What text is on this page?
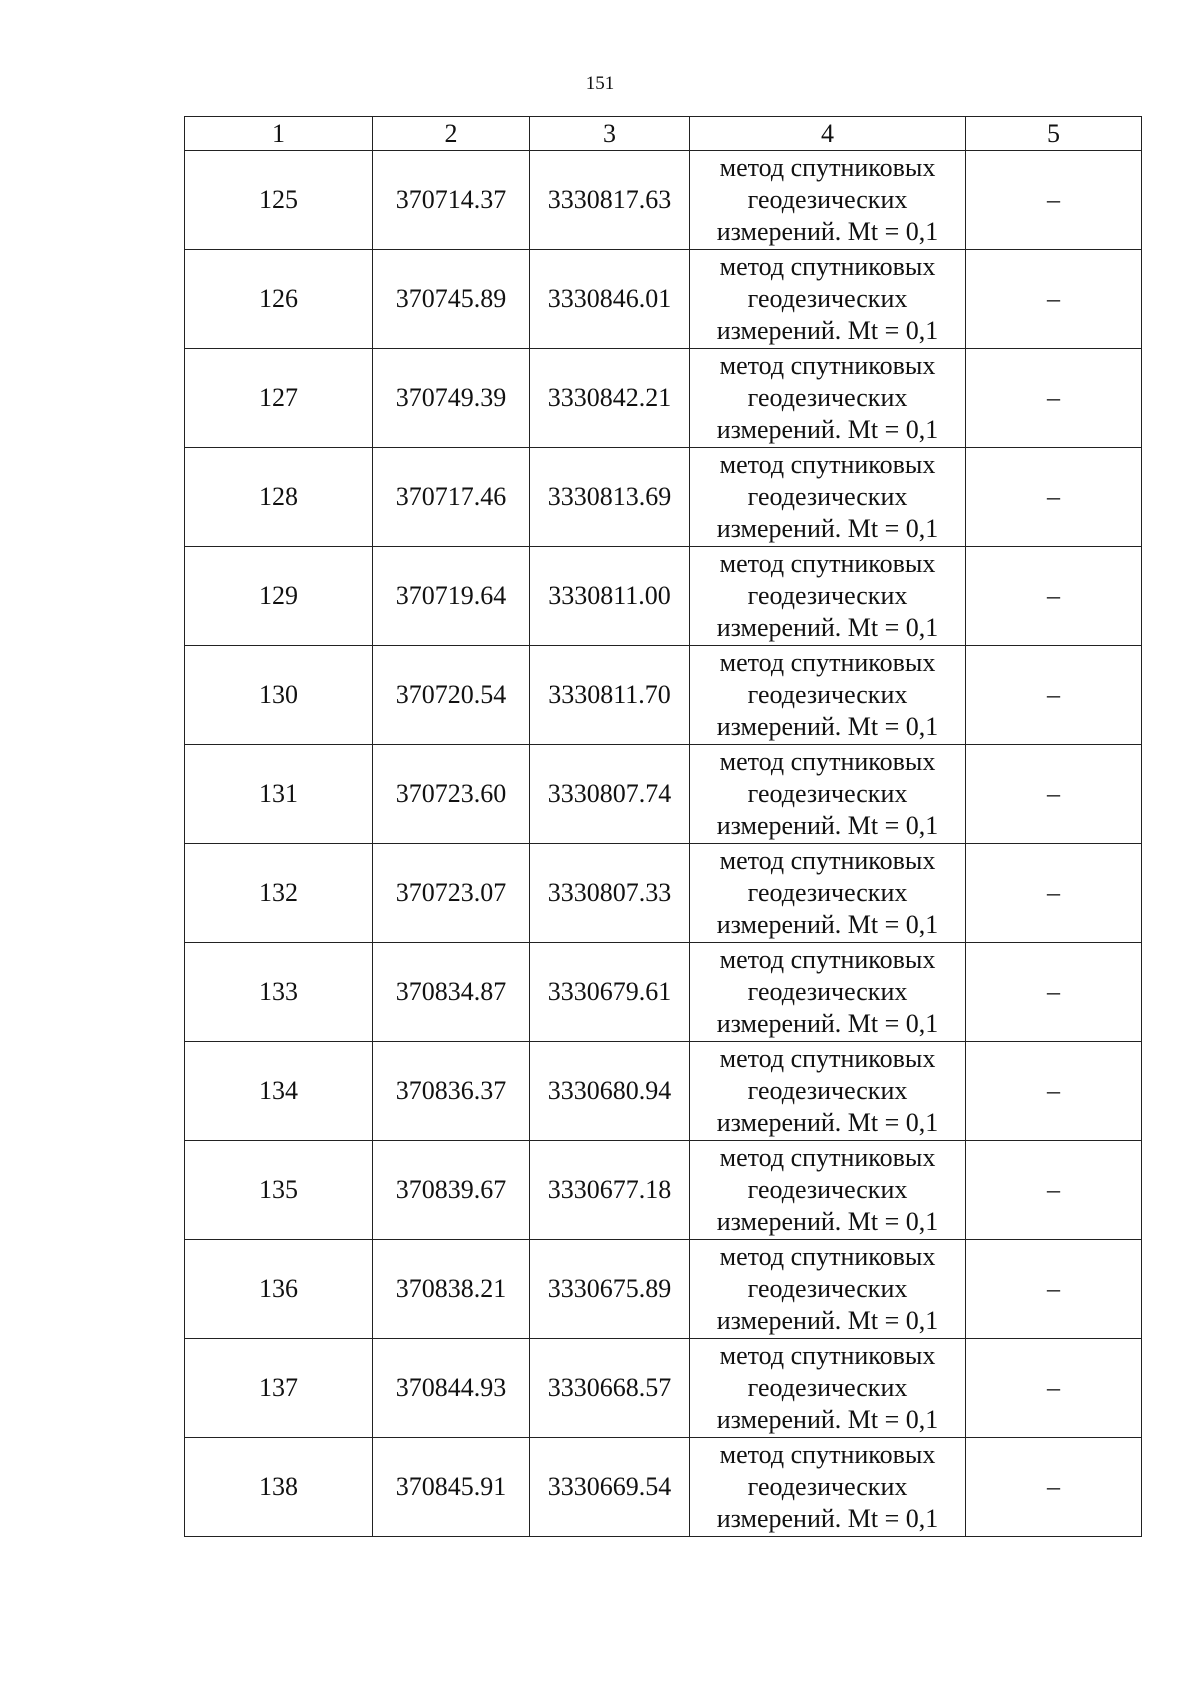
151
1	2	3	4	5
125	370714.37	3330817.63	метод спутниковых
геодезических
измерений. Mt = 0,1	–
126	370745.89	3330846.01	метод спутниковых
геодезических
измерений. Mt = 0,1	–
127	370749.39	3330842.21	метод спутниковых
геодезических
измерений. Mt = 0,1	–
128	370717.46	3330813.69	метод спутниковых
геодезических
измерений. Mt = 0,1	–
129	370719.64	3330811.00	метод спутниковых
геодезических
измерений. Mt = 0,1	–
130	370720.54	3330811.70	метод спутниковых
геодезических
измерений. Mt = 0,1	–
131	370723.60	3330807.74	метод спутниковых
геодезических
измерений. Mt = 0,1	–
132	370723.07	3330807.33	метод спутниковых
геодезических
измерений. Mt = 0,1	–
133	370834.87	3330679.61	метод спутниковых
геодезических
измерений. Mt = 0,1	–
134	370836.37	3330680.94	метод спутниковых
геодезических
измерений. Mt = 0,1	–
135	370839.67	3330677.18	метод спутниковых
геодезических
измерений. Mt = 0,1	–
136	370838.21	3330675.89	метод спутниковых
геодезических
измерений. Mt = 0,1	–
137	370844.93	3330668.57	метод спутниковых
геодезических
измерений. Mt = 0,1	–
138	370845.91	3330669.54	метод спутниковых
геодезических
измерений. Mt = 0,1	–
